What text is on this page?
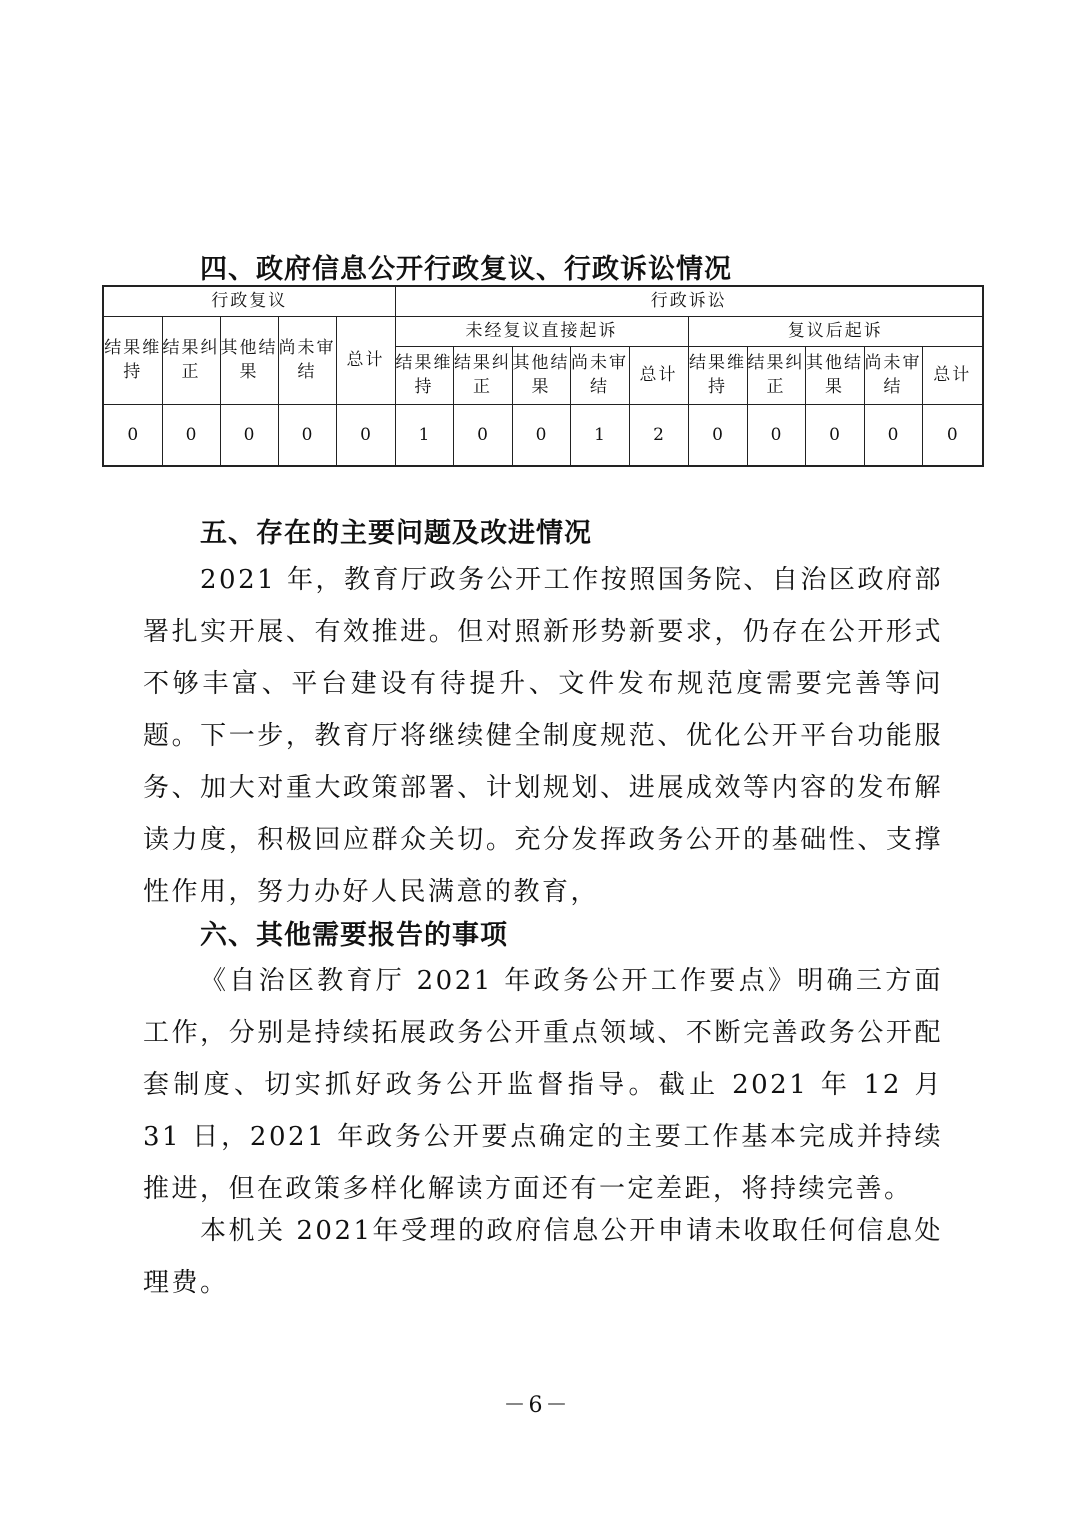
四、政府信息公开行政复议、行政诉讼情况
行政复议					行政诉讼									
结果维持	结果纠正	其他结果	尚未审结	总计	未经复议直接起诉					复议后起诉				
					结果维持	结果纠正	其他结果	尚未审结	总计	结果维持	结果纠正	其他结果	尚未审结	总计
0	0	0	0	0	1	0	0	1	2	0	0	0	0	0
五、存在的主要问题及改进情况

2021 年，教育厅政务公开工作按照国务院、自治区政府部署扎实开展、有效推进。但对照新形势新要求，仍存在公开形式不够丰富、平台建设有待提升、文件发布规范度需要完善等问题。下一步，教育厅将继续健全制度规范、优化公开平台功能服务、加大对重大政策部署、计划规划、进展成效等内容的发布解读力度，积极回应群众关切。充分发挥政务公开的基础性、支撑性作用，努力办好人民满意的教育，

六、其他需要报告的事项

《自治区教育厅 2021 年政务公开工作要点》明确三方面工作，分别是持续拓展政务公开重点领域、不断完善政务公开配套制度、切实抓好政务公开监督指导。截止 2021 年 12 月 31 日，2021 年政务公开要点确定的主要工作基本完成并持续推进，但在政策多样化解读方面还有一定差距，将持续完善。

本机关 2021年受理的政府信息公开申请未收取任何信息处理费。

－6－
